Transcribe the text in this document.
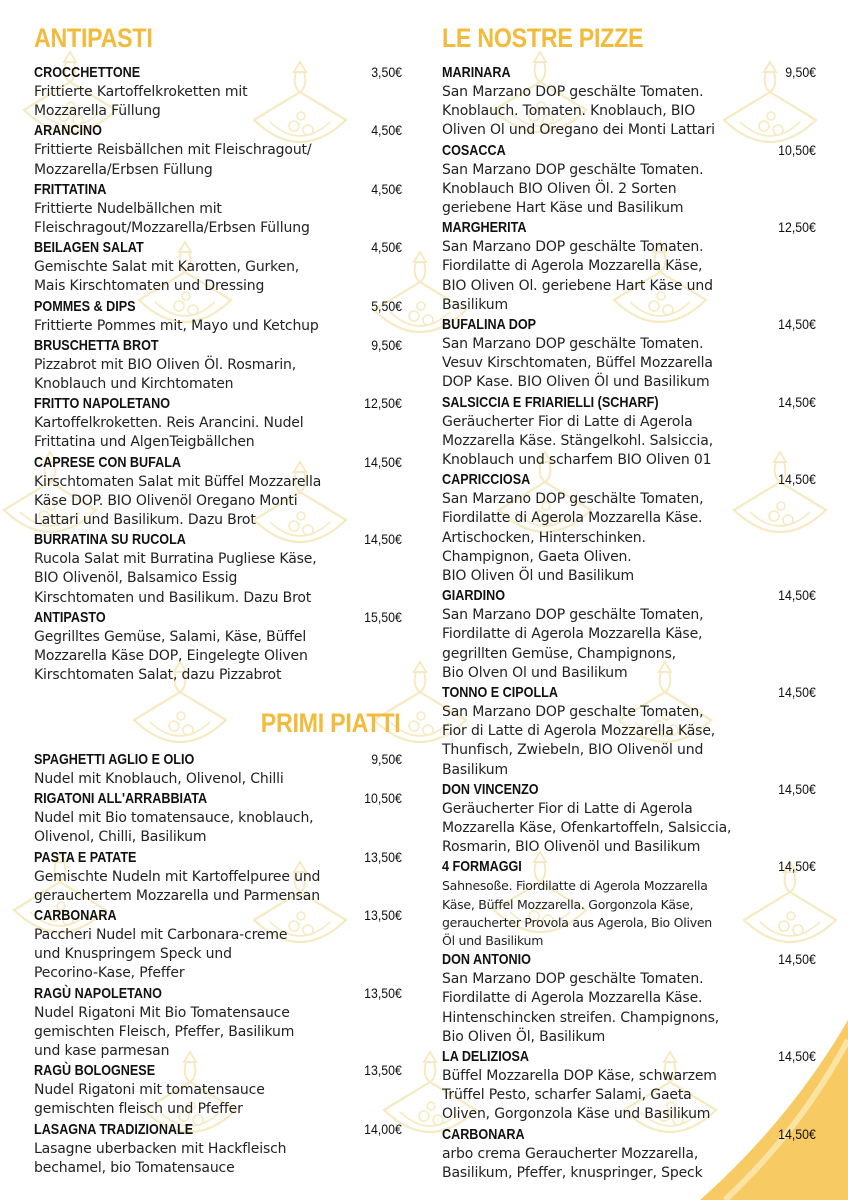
ANTIPASTI
CROCCHETTONE	3,50€
Frittierte Kartoffelkroketten mit
Mozzarella Füllung
ARANCINO	4,50€
Frittierte Reisbällchen mit Fleischragout/
Mozzarella/Erbsen Füllung
FRITTATINA	4,50€
Frittierte Nudelbällchen mit
Fleischragout/Mozzarella/Erbsen Füllung
BEILAGEN SALAT	4,50€
Gemischte Salat mit Karotten, Gurken,
Mais Kirschtomaten und Dressing
POMMES & DIPS	5,50€
Frittierte Pommes mit, Mayo und Ketchup
BRUSCHETTA BROT	9,50€
Pizzabrot mit BIO Oliven Öl. Rosmarin,
Knoblauch und Kirchtomaten
FRITTO NAPOLETANO	12,50€
Kartoffelkroketten. Reis Arancini. Nudel
Frittatina und AlgenTeigbällchen
CAPRESE CON BUFALA	14,50€
Kirschtomaten Salat mit Büffel Mozzarella
Käse DOP. BIO Olivenöl Oregano Monti
Lattari und Basilikum. Dazu Brot
BURRATINA SU RUCOLA	14,50€
Rucola Salat mit Burratina Pugliese Käse,
BIO Olivenöl, Balsamico Essig
Kirschtomaten und Basilikum. Dazu Brot
ANTIPASTO	15,50€
Gegrilltes Gemüse, Salami, Käse, Büffel
Mozzarella Käse DOP, Eingelegte Oliven
Kirschtomaten Salat, dazu Pizzabrot
PRIMI PIATTI
SPAGHETTI AGLIO E OLIO	9,50€
Nudel mit Knoblauch, Olivenol, Chilli
RIGATONI ALL'ARRABBIATA	10,50€
Nudel mit Bio tomatensauce, knoblauch,
Olivenol, Chilli, Basilikum
PASTA E PATATE	13,50€
Gemischte Nudeln mit Kartoffelpuree und
gerauchertem Mozzarella und Parmensan
CARBONARA	13,50€
Paccheri Nudel mit Carbonara-creme
und Knuspringem Speck und
Pecorino-Kase, Pfeffer
RAGÙ NAPOLETANO	13,50€
Nudel Rigatoni Mit Bio Tomatensauce
gemischten Fleisch, Pfeffer, Basilikum
und kase parmesan
RAGÙ BOLOGNESE	13,50€
Nudel Rigatoni mit tomatensauce
gemischten fleisch und Pfeffer
LASAGNA TRADIZIONALE	14,00€
Lasagne uberbacken mit Hackfleisch
bechamel, bio Tomatensauce
LE NOSTRE PIZZE
MARINARA	9,50€
San Marzano DOP geschälte Tomaten.
Knoblauch. Tomaten. Knoblauch, BIO
Oliven Ol und Oregano dei Monti Lattari
COSACCA	10,50€
San Marzano DOP geschälte Tomaten.
Knoblauch BIO Oliven Öl. 2 Sorten
geriebene Hart Käse und Basilikum
MARGHERITA	12,50€
San Marzano DOP geschälte Tomaten.
Fiordilatte di Agerola Mozzarella Käse,
BIO Oliven Ol. geriebene Hart Käse und
Basilikum
BUFALINA DOP	14,50€
San Marzano DOP geschälte Tomaten.
Vesuv Kirschtomaten, Büffel Mozzarella
DOP Kase. BIO Oliven Öl und Basilikum
SALSICCIA E FRIARIELLI (SCHARF)	14,50€
Geräucherter Fior di Latte di Agerola
Mozzarella Käse. Stängelkohl. Salsiccia,
Knoblauch und scharfem BIO Oliven 01
CAPRICCIOSA	14,50€
San Marzano DOP geschälte Tomaten,
Fiordilatte di Agerola Mozzarella Käse.
Artischocken, Hinterschinken.
Champignon, Gaeta Oliven.
BIO Oliven Öl und Basilikum
GIARDINO	14,50€
San Marzano DOP geschälte Tomaten,
Fiordilatte di Agerola Mozzarella Käse,
gegrillten Gemüse, Champignons,
Bio Olven Ol und Basilikum
TONNO E CIPOLLA	14,50€
San Marzano DOP geschalte Tomaten,
Fior di Latte di Agerola Mozzarella Käse,
Thunfisch, Zwiebeln, BIO Olivenöl und
Basilikum
DON VINCENZO	14,50€
Geräucherter Fior di Latte di Agerola
Mozzarella Käse, Ofenkartoffeln, Salsiccia,
Rosmarin, BIO Olivenöl und Basilikum
4 FORMAGGI	14,50€
Sahnesoße. Fiordilatte di Agerola Mozzarella
Käse, Büffel Mozzarella. Gorgonzola Käse,
geraucherter Provola aus Agerola, Bio Oliven
Öl und Basilikum
DON ANTONIO	14,50€
San Marzano DOP geschälte Tomaten.
Fiordilatte di Agerola Mozzarella Käse.
Hintenschincken streifen. Champignons,
Bio Oliven Öl, Basilikum
LA DELIZIOSA	14,50€
Büffel Mozzarella DOP Käse, schwarzem
Trüffel Pesto, scharfer Salami, Gaeta
Oliven, Gorgonzola Käse und Basilikum
CARBONARA	14,50€
arbo crema Geraucherter Mozzarella,
Basilikum, Pfeffer, knuspringer, Speck
